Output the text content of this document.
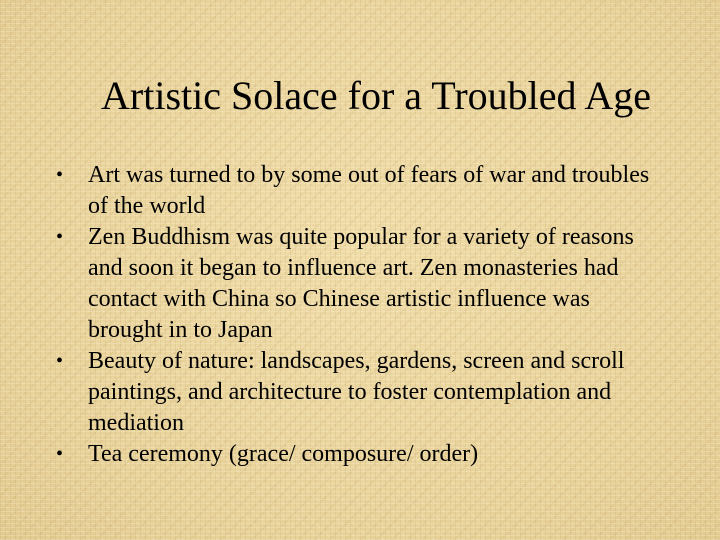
Artistic Solace for a Troubled Age
• Art was turned to by some out of fears of war and troubles of the world
• Zen Buddhism was quite popular for a variety of reasons and soon it began to influence art. Zen monasteries had contact with China so Chinese artistic influence was brought in to Japan
• Beauty of nature: landscapes, gardens, screen and scroll paintings, and architecture to foster contemplation and mediation
• Tea ceremony (grace/ composure/ order)
